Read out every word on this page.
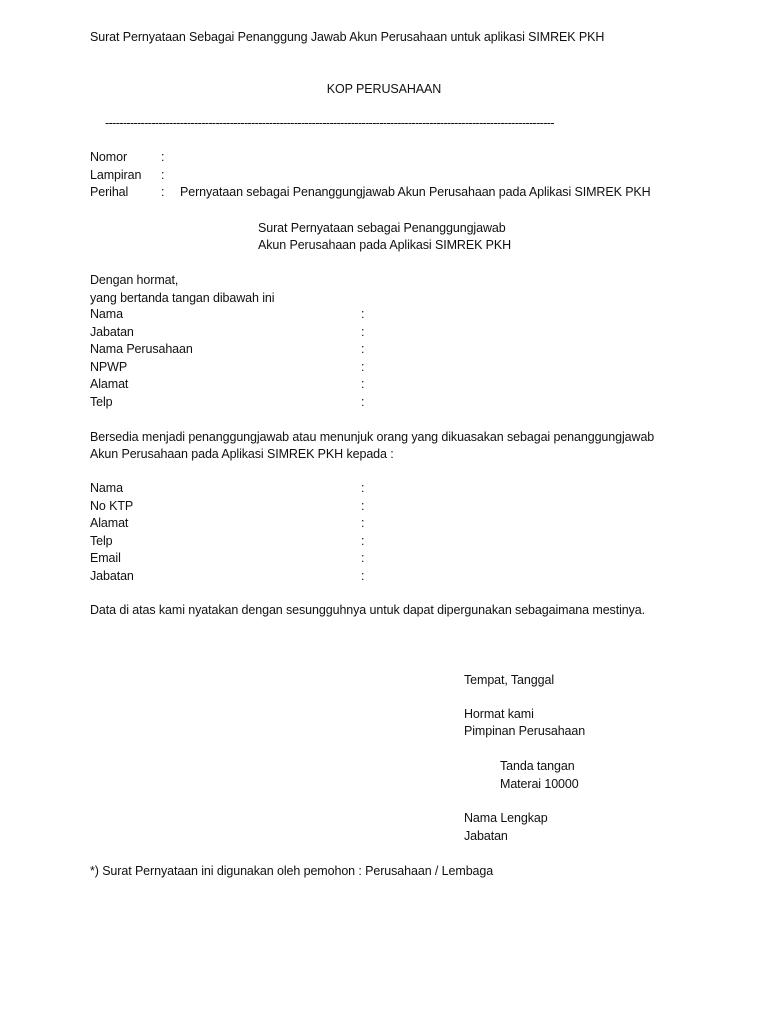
Surat Pernyataan Sebagai Penanggung Jawab Akun Perusahaan untuk aplikasi SIMREK PKH
KOP PERUSAHAAN
------------------------------------------------------------------------------------------------------------------------------
Nomor	:
Lampiran :
Perihal	: Pernyataan sebagai Penanggungjawab Akun Perusahaan pada Aplikasi SIMREK PKH
Surat Pernyataan sebagai Penanggungjawab
Akun Perusahaan pada Aplikasi SIMREK PKH
Dengan hormat,
yang bertanda tangan dibawah ini
Nama	:
Jabatan	:
Nama Perusahaan	:
NPWP	:
Alamat	:
Telp	:
Bersedia menjadi penanggungjawab atau menunjuk orang yang dikuasakan sebagai penanggungjawab
Akun Perusahaan pada Aplikasi SIMREK PKH kepada :
Nama	:
No KTP	:
Alamat	:
Telp	:
Email	:
Jabatan	:
Data di atas kami nyatakan dengan sesungguhnya untuk dapat dipergunakan sebagaimana mestinya.
Tempat, Tanggal
Hormat kami
Pimpinan Perusahaan
Tanda tangan
Materai 10000
Nama Lengkap
Jabatan
*) Surat Pernyataan ini digunakan oleh pemohon : Perusahaan / Lembaga
